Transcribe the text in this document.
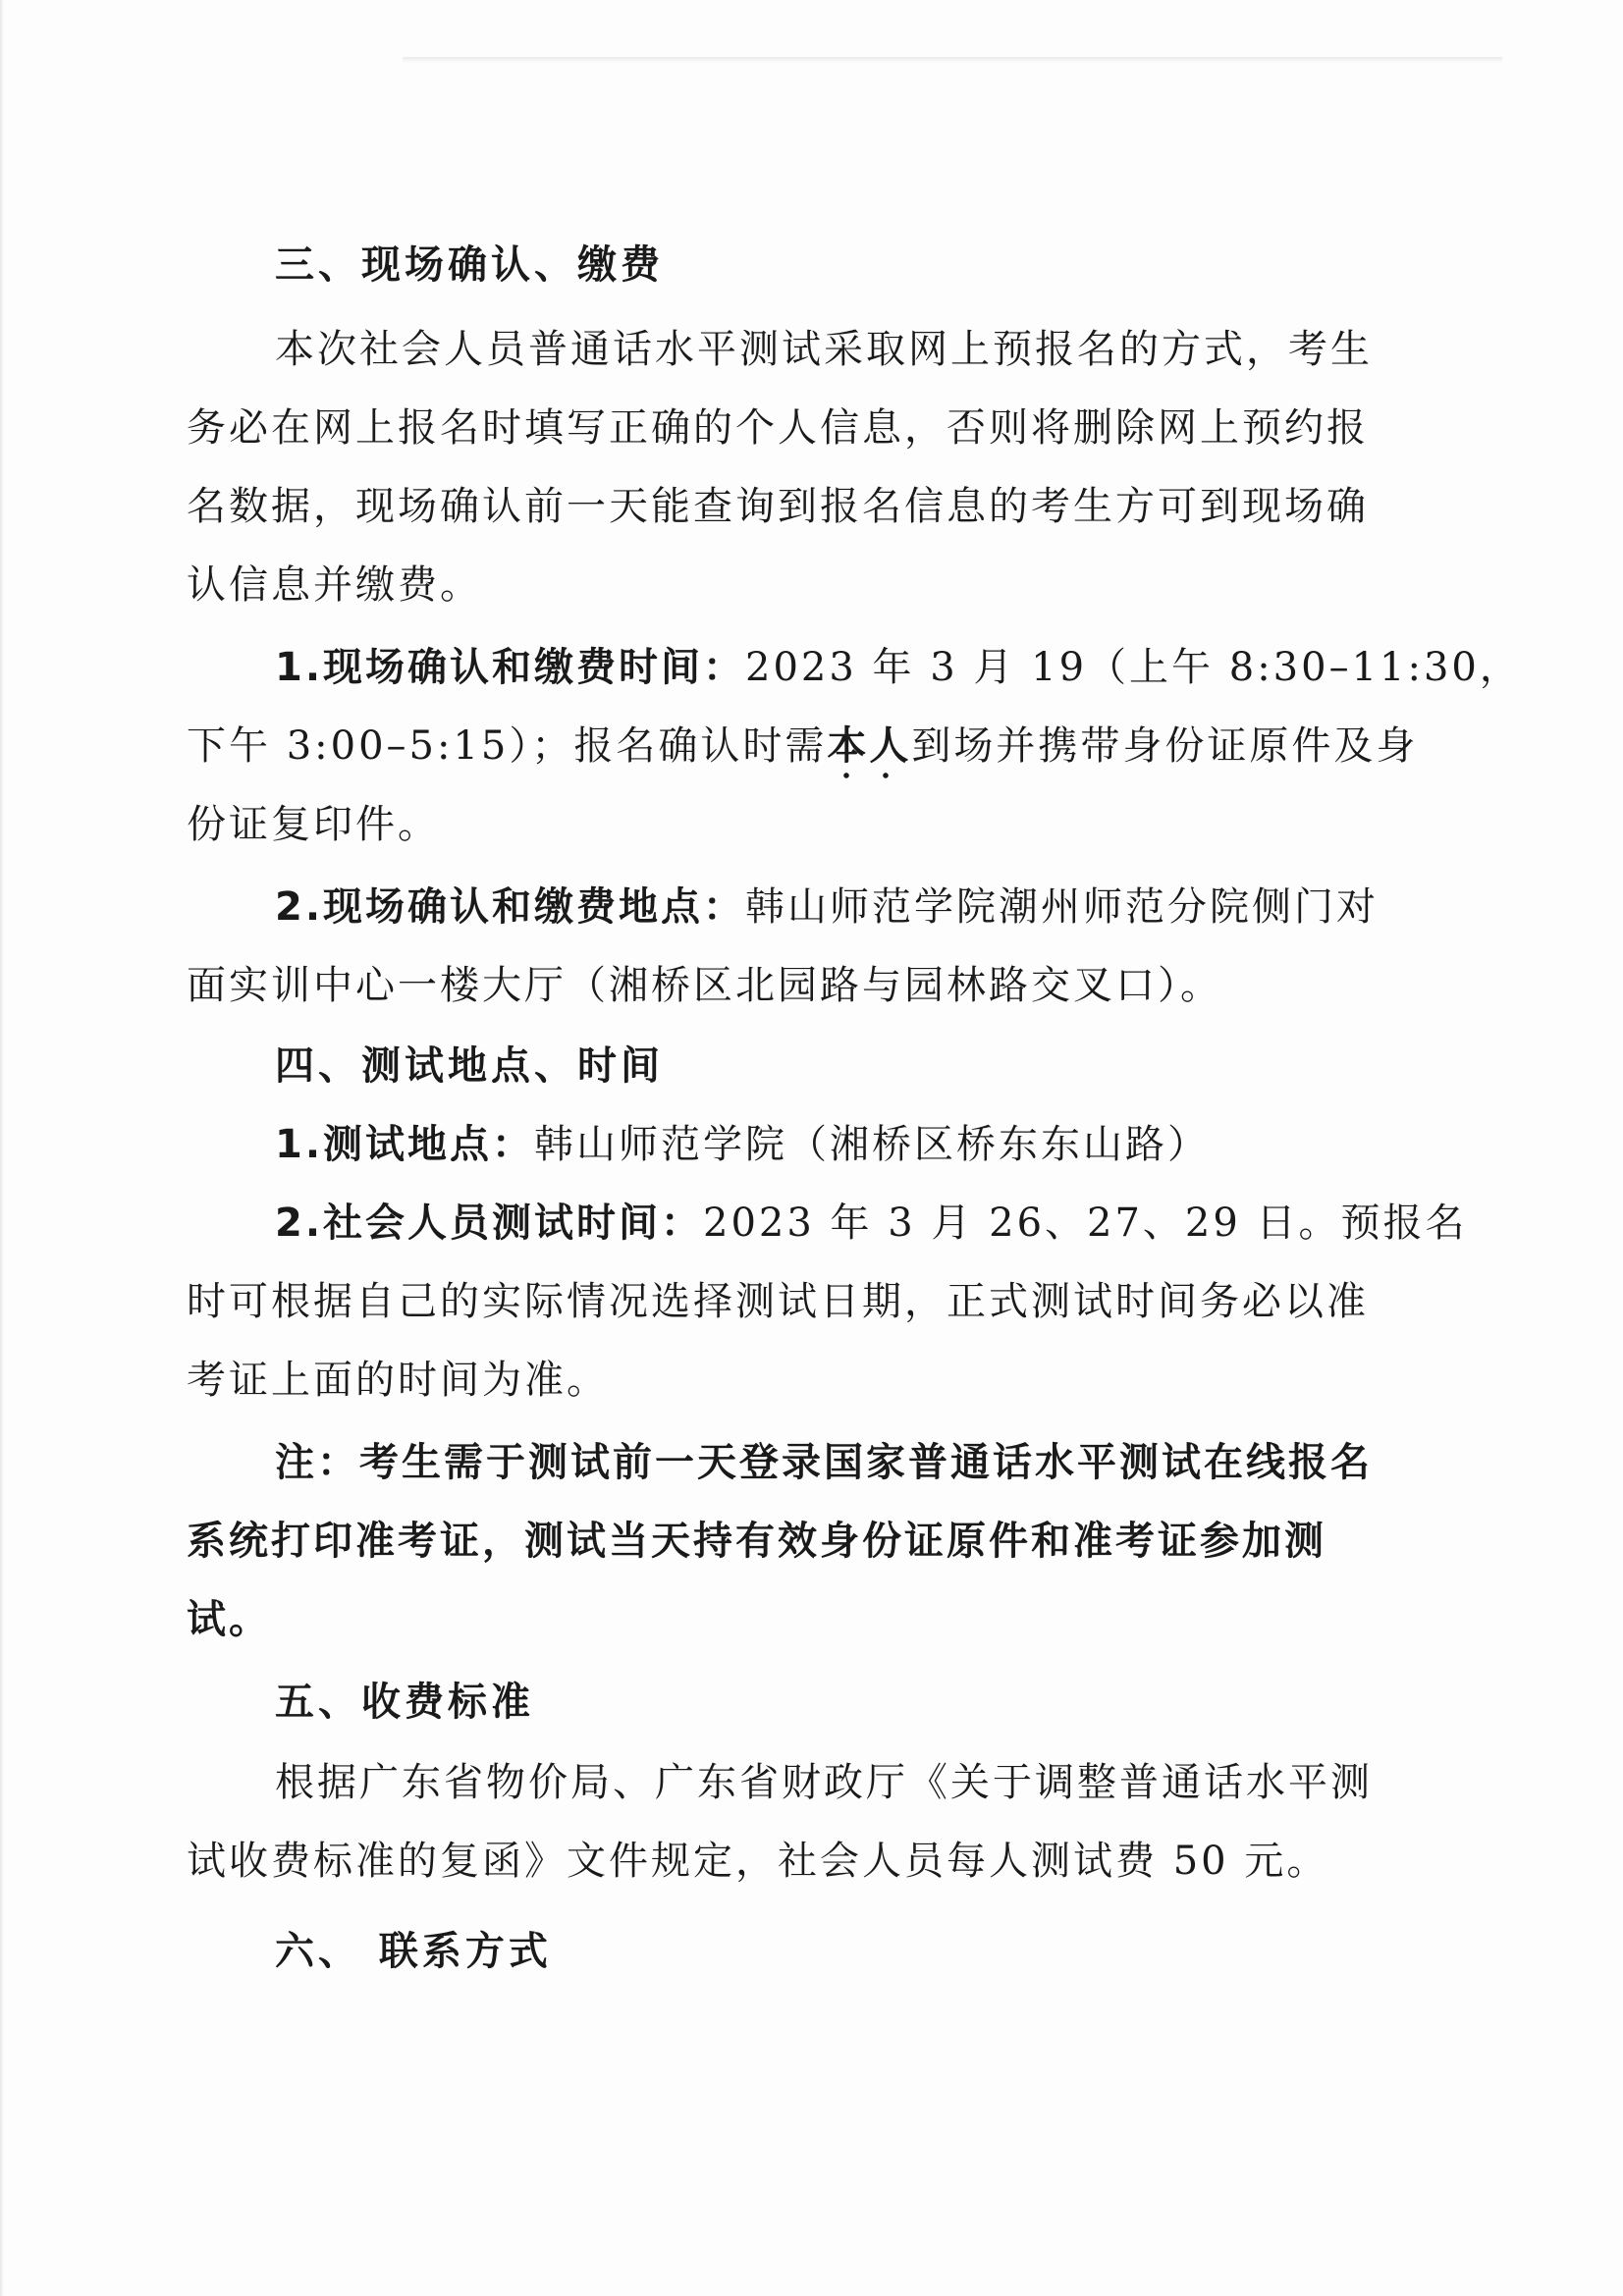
三、现场确认、缴费
本次社会人员普通话水平测试采取网上预报名的方式，考生
务必在网上报名时填写正确的个人信息，否则将删除网上预约报
名数据，现场确认前一天能查询到报名信息的考生方可到现场确
认信息并缴费。
1.现场确认和缴费时间：2023 年 3 月 19（上午 8:30–11:30，
下午 3:00–5:15）；报名确认时需本人到场并携带身份证原件及身
份证复印件。
2.现场确认和缴费地点：韩山师范学院潮州师范分院侧门对
面实训中心一楼大厅（湘桥区北园路与园林路交叉口）。
四、测试地点、时间
1.测试地点：韩山师范学院（湘桥区桥东东山路）
2.社会人员测试时间：2023 年 3 月 26、27、29 日。预报名
时可根据自己的实际情况选择测试日期，正式测试时间务必以准
考证上面的时间为准。
注：考生需于测试前一天登录国家普通话水平测试在线报名
系统打印准考证，测试当天持有效身份证原件和准考证参加测
试。
五、收费标准
根据广东省物价局、广东省财政厅《关于调整普通话水平测
试收费标准的复函》文件规定，社会人员每人测试费 50 元。
六、 联系方式
